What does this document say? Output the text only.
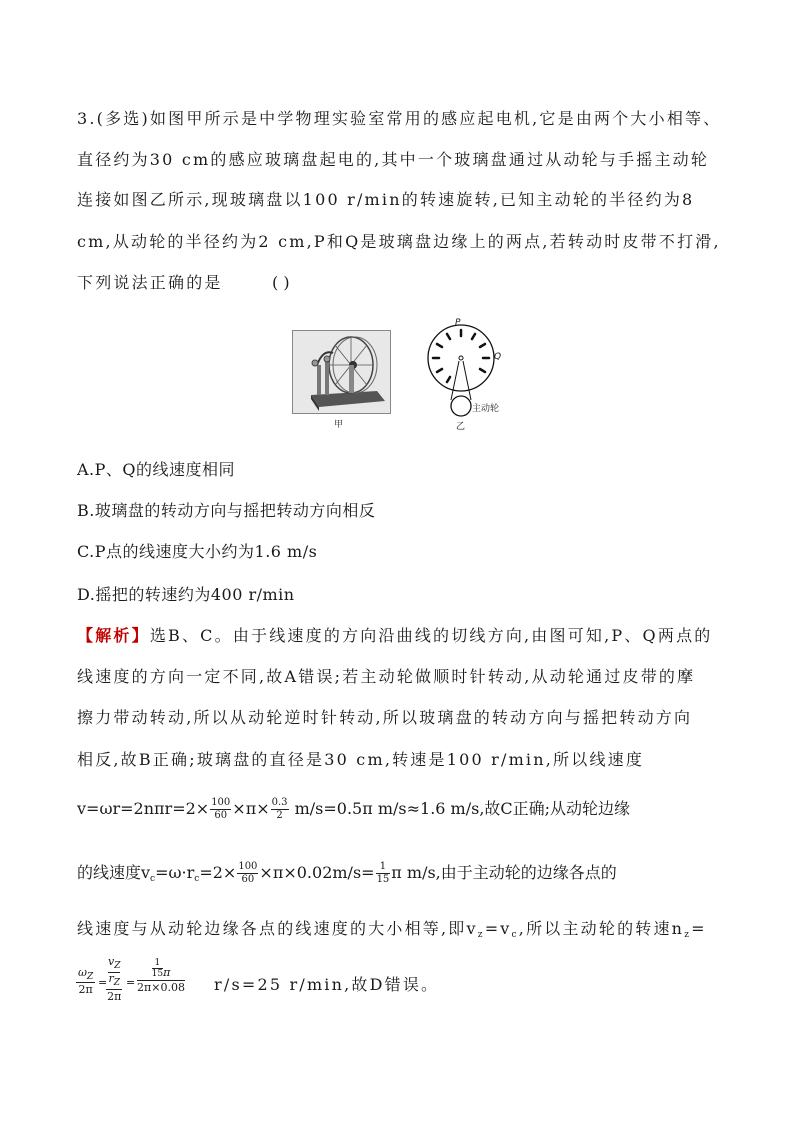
3.(多选)如图甲所示是中学物理实验室常用的感应起电机,它是由两个大小相等、
直径约为30 cm的感应玻璃盘起电的,其中一个玻璃盘通过从动轮与手摇主动轮
连接如图乙所示,现玻璃盘以100 r/min的转速旋转,已知主动轮的半径约为8
cm,从动轮的半径约为2 cm,P和Q是玻璃盘边缘上的两点,若转动时皮带不打滑,
下列说法正确的是	( )
甲
P
Q
主动轮
乙
A.P、Q的线速度相同
B.玻璃盘的转动方向与摇把转动方向相反
C.P点的线速度大小约为1.6 m/s
D.摇把的转速约为400 r/min
【解析】选B、C。由于线速度的方向沿曲线的切线方向,由图可知,P、Q两点的
线速度的方向一定不同,故A错误;若主动轮做顺时针转动,从动轮通过皮带的摩
擦力带动转动,所以从动轮逆时针转动,所以玻璃盘的转动方向与摇把转动方向
相反,故B正确;玻璃盘的直径是30 cm,转速是100 r/min,所以线速度
$v=\omega r=2n\pi r=2\times \frac{100}{60} \times\pi\times \frac{0.3}{2} m/s=0.5\pi$ m/s≈1.6 m/s,故C正确;从动轮边缘
的线速度$v_c=\omega\cdot r_c=2\times \frac{100}{60} \times\pi\times 0.02m/s= \frac{1}{15}$ π m/s,由于主动轮的边缘各点的
线速度与从动轮边缘各点的线速度的大小相等,即$v_z=v_c$,所以主动轮的转速$n_z=$
$\omega_Z$
2π
=
$v_Z$
$r_Z$
2π
=
1
15π
2π×0.08 r/s=25 r/min,故D错误。
